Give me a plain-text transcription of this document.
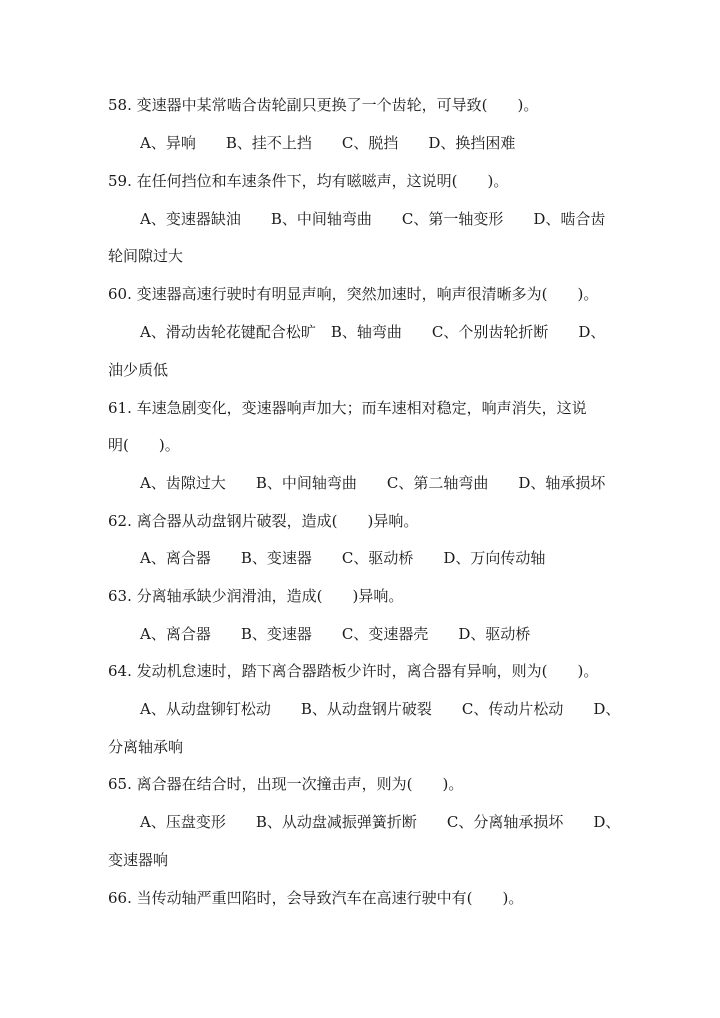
58. 变速器中某常啮合齿轮副只更换了一个齿轮，可导致(　　)。
A、异响　　B、挂不上挡　　C、脱挡　　D、换挡困难
59. 在任何挡位和车速条件下，均有嗞嗞声，这说明(　　)。
A、变速器缺油　　B、中间轴弯曲　　C、第一轴变形　　D、啮合齿
轮间隙过大
60. 变速器高速行驶时有明显声响，突然加速时，响声很清晰多为(　　)。
A、滑动齿轮花键配合松旷　B、轴弯曲　　C、个别齿轮折断　　D、
油少质低
61. 车速急剧变化，变速器响声加大；而车速相对稳定，响声消失，这说
明(　　)。
A、齿隙过大　　B、中间轴弯曲　　C、第二轴弯曲　　D、轴承损坏
62. 离合器从动盘钢片破裂，造成(　　)异响。
A、离合器　　B、变速器　　C、驱动桥　　D、万向传动轴
63. 分离轴承缺少润滑油，造成(　　)异响。
A、离合器　　B、变速器　　C、变速器壳　　D、驱动桥
64. 发动机怠速时，踏下离合器踏板少许时，离合器有异响，则为(　　)。
A、从动盘铆钉松动　　B、从动盘钢片破裂　　C、传动片松动　　D、
分离轴承响
65. 离合器在结合时，出现一次撞击声，则为(　　)。
A、压盘变形　　B、从动盘减振弹簧折断　　C、分离轴承损坏　　D、
变速器响
66. 当传动轴严重凹陷时，会导致汽车在高速行驶中有(　　)。
